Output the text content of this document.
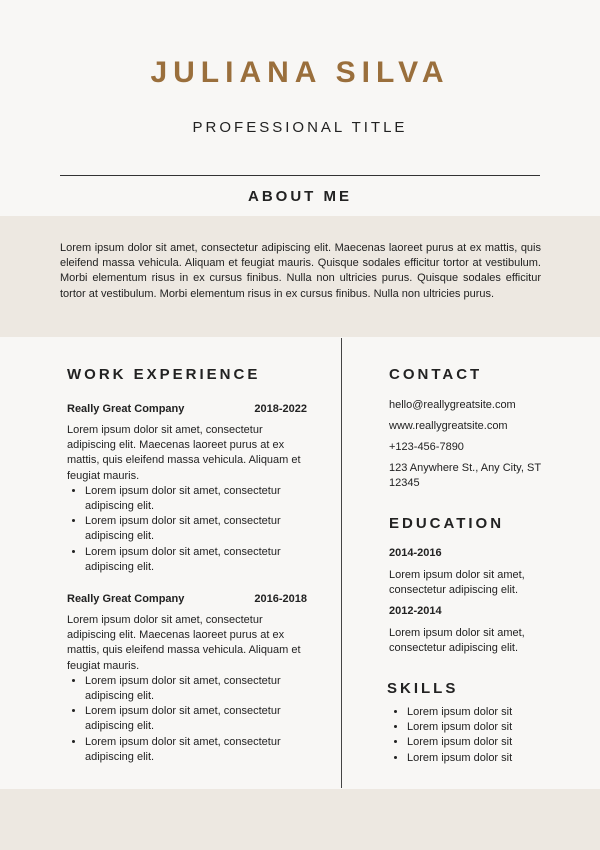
JULIANA SILVA

PROFESSIONAL TITLE

ABOUT ME

Lorem ipsum dolor sit amet, consectetur adipiscing elit. Maecenas laoreet purus at ex mattis, quis eleifend massa vehicula. Aliquam et feugiat mauris. Quisque sodales efficitur tortor at vestibulum. Morbi elementum risus in ex cursus finibus. Nulla non ultricies purus. Quisque sodales efficitur tortor at vestibulum. Morbi elementum risus in ex cursus finibus. Nulla non ultricies purus.

WORK EXPERIENCE
Really Great Company	2018-2022

Lorem ipsum dolor sit amet, consectetur adipiscing elit. Maecenas laoreet purus at ex mattis, quis eleifend massa vehicula. Aliquam et feugiat mauris.

• Lorem ipsum dolor sit amet, consectetur adipiscing elit.
• Lorem ipsum dolor sit amet, consectetur adipiscing elit.
• Lorem ipsum dolor sit amet, consectetur adipiscing elit.
Really Great Company	2016-2018

Lorem ipsum dolor sit amet, consectetur adipiscing elit. Maecenas laoreet purus at ex mattis, quis eleifend massa vehicula. Aliquam et feugiat mauris.

• Lorem ipsum dolor sit amet, consectetur adipiscing elit.
• Lorem ipsum dolor sit amet, consectetur adipiscing elit.
• Lorem ipsum dolor sit amet, consectetur adipiscing elit.
CONTACT

hello@reallygreatsite.com

www.reallygreatsite.com

+123-456-7890

123 Anywhere St., Any City, ST 12345

EDUCATION

2014-2016

Lorem ipsum dolor sit amet, consectetur adipiscing elit.

2012-2014

Lorem ipsum dolor sit amet, consectetur adipiscing elit.

SKILLS
• Lorem ipsum dolor sit
• Lorem ipsum dolor sit
• Lorem ipsum dolor sit
• Lorem ipsum dolor sit
